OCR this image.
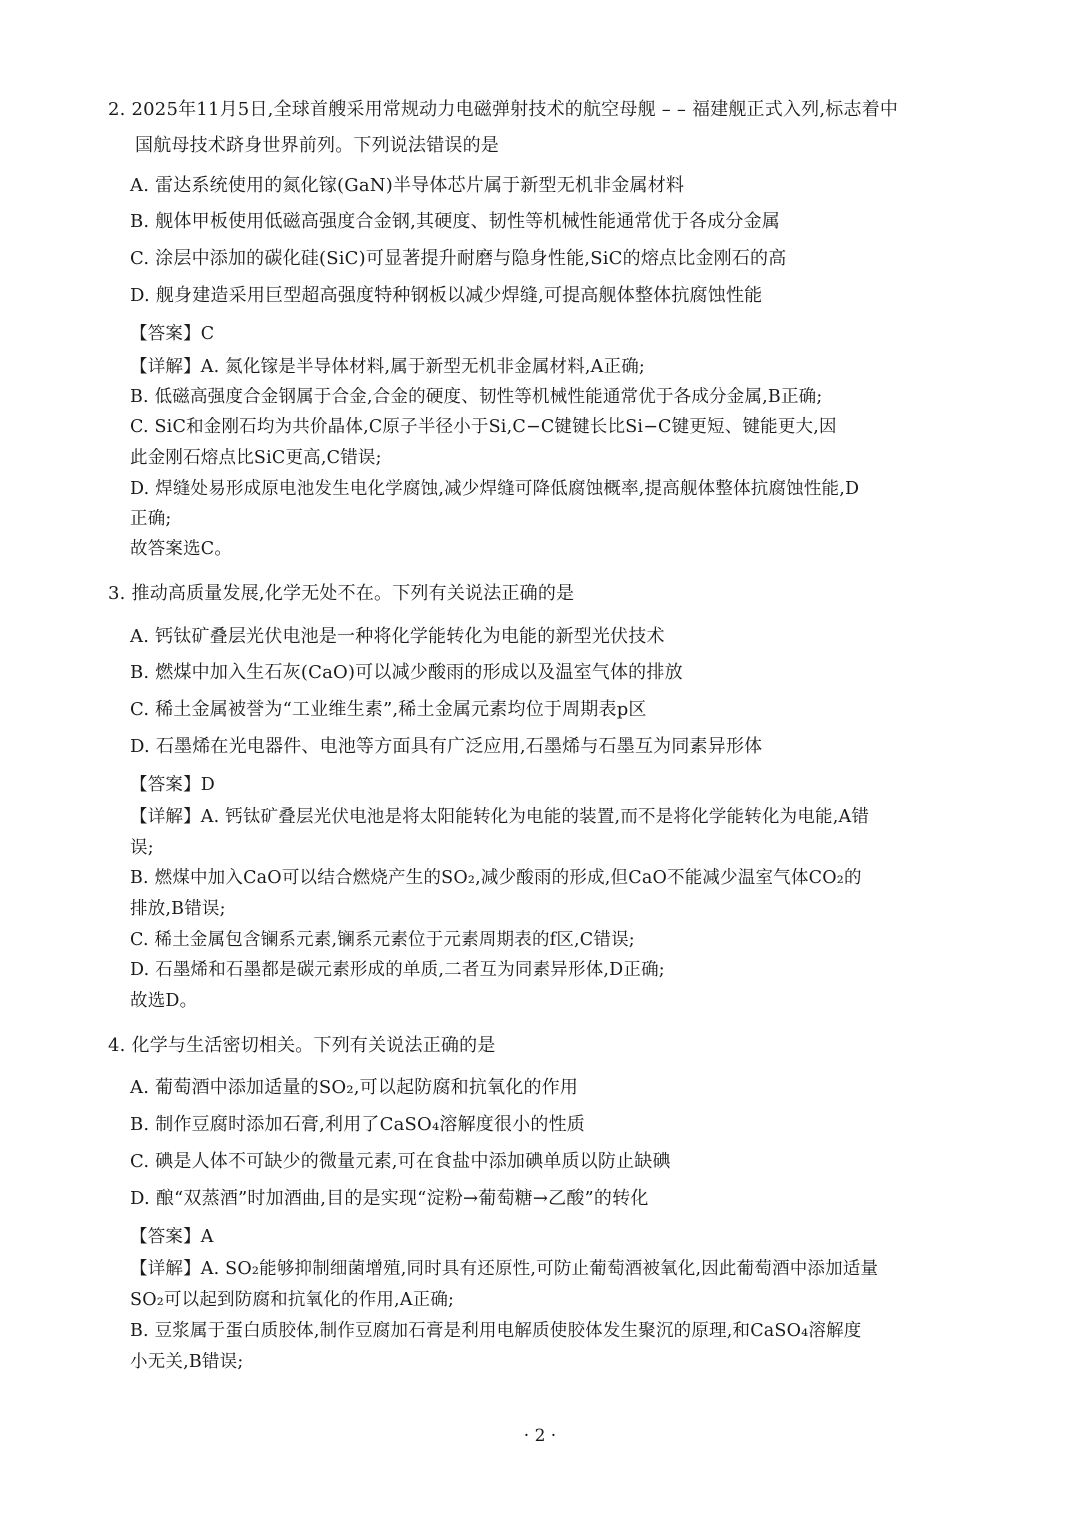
2. 2025年11月5日,全球首艘采用常规动力电磁弹射技术的航空母舰 – – 福建舰正式入列,标志着中
国航母技术跻身世界前列。下列说法错误的是
A. 雷达系统使用的氮化镓(GaN)半导体芯片属于新型无机非金属材料
B. 舰体甲板使用低磁高强度合金钢,其硬度、韧性等机械性能通常优于各成分金属
C. 涂层中添加的碳化硅(SiC)可显著提升耐磨与隐身性能,SiC的熔点比金刚石的高
D. 舰身建造采用巨型超高强度特种钢板以减少焊缝,可提高舰体整体抗腐蚀性能
【答案】C
【详解】A. 氮化镓是半导体材料,属于新型无机非金属材料,A正确;
B. 低磁高强度合金钢属于合金,合金的硬度、韧性等机械性能通常优于各成分金属,B正确;
C. SiC和金刚石均为共价晶体,C原子半径小于Si,C−C键键长比Si−C键更短、键能更大,因
此金刚石熔点比SiC更高,C错误;
D. 焊缝处易形成原电池发生电化学腐蚀,减少焊缝可降低腐蚀概率,提高舰体整体抗腐蚀性能,D
正确;
故答案选C。
3. 推动高质量发展,化学无处不在。下列有关说法正确的是
A. 钙钛矿叠层光伏电池是一种将化学能转化为电能的新型光伏技术
B. 燃煤中加入生石灰(CaO)可以减少酸雨的形成以及温室气体的排放
C. 稀土金属被誉为“工业维生素”,稀土金属元素均位于周期表p区
D. 石墨烯在光电器件、电池等方面具有广泛应用,石墨烯与石墨互为同素异形体
【答案】D
【详解】A. 钙钛矿叠层光伏电池是将太阳能转化为电能的装置,而不是将化学能转化为电能,A错
误;
B. 燃煤中加入CaO可以结合燃烧产生的SO₂,减少酸雨的形成,但CaO不能减少温室气体CO₂的
排放,B错误;
C. 稀土金属包含镧系元素,镧系元素位于元素周期表的f区,C错误;
D. 石墨烯和石墨都是碳元素形成的单质,二者互为同素异形体,D正确;
故选D。
4. 化学与生活密切相关。下列有关说法正确的是
A. 葡萄酒中添加适量的SO₂,可以起防腐和抗氧化的作用
B. 制作豆腐时添加石膏,利用了CaSO₄溶解度很小的性质
C. 碘是人体不可缺少的微量元素,可在食盐中添加碘单质以防止缺碘
D. 酿“双蒸酒”时加酒曲,目的是实现“淀粉→葡萄糖→乙酸”的转化
【答案】A
【详解】A. SO₂能够抑制细菌增殖,同时具有还原性,可防止葡萄酒被氧化,因此葡萄酒中添加适量
SO₂可以起到防腐和抗氧化的作用,A正确;
B. 豆浆属于蛋白质胶体,制作豆腐加石膏是利用电解质使胶体发生聚沉的原理,和CaSO₄溶解度
小无关,B错误;
· 2 ·
